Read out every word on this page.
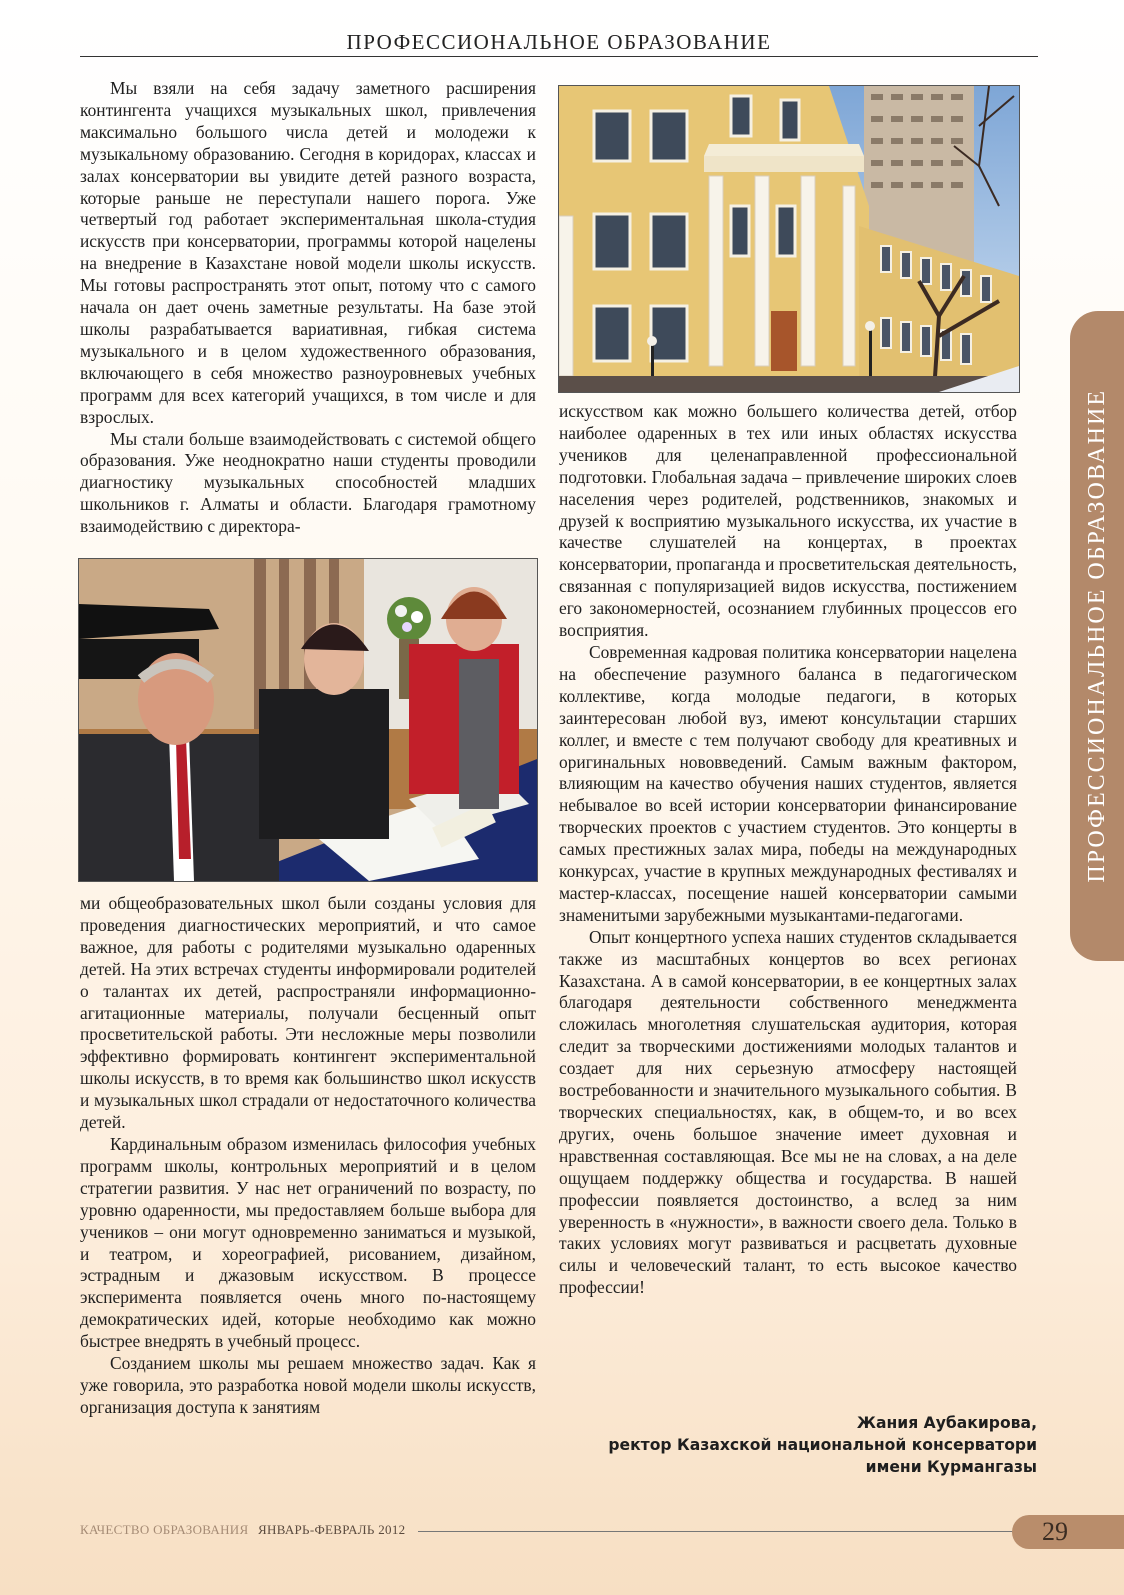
ПРОФЕССИОНАЛЬНОЕ ОБРАЗОВАНИЕ

Мы взяли на себя задачу заметного расширения контингента учащихся музыкальных школ, привлечения максимально большого числа детей и молодежи к музыкальному образованию. Сегодня в коридорах, классах и залах консерватории вы увидите детей разного возраста, которые раньше не переступали нашего порога. Уже четвертый год работает экспериментальная школа-студия искусств при консерватории, программы которой нацелены на внедрение в Казахстане новой модели школы искусств. Мы готовы распространять этот опыт, потому что с самого начала он дает очень заметные результаты. На базе этой школы разрабатывается вариативная, гибкая система музыкального и в целом художественного образования, включающего в себя множество разноуровневых учебных программ для всех категорий учащихся, в том числе и для взрослых.

Мы стали больше взаимодействовать с системой общего образования. Уже неоднократно наши студенты проводили диагностику музыкальных способностей младших школьников г. Алматы и области. Благодаря грамотному взаимодействию с директора-

ми общеобразовательных школ были созданы условия для проведения диагностических мероприятий, и что самое важное, для работы с родителями музыкально одаренных детей. На этих встречах студенты информировали родителей о талантах их детей, распространяли информационно-агитационные материалы, получали бесценный опыт просветительской работы. Эти несложные меры позволили эффективно формировать контингент экспериментальной школы искусств, в то время как большинство школ искусств и музыкальных школ страдали от недостаточного количества детей.

Кардинальным образом изменилась философия учебных программ школы, контрольных мероприятий и в целом стратегии развития. У нас нет ограничений по возрасту, по уровню одаренности, мы предоставляем больше выбора для учеников – они могут одновременно заниматься и музыкой, и театром, и хореографией, рисованием, дизайном, эстрадным и джазовым искусством. В процессе эксперимента появляется очень много по-настоящему демократических идей, которые необходимо как можно быстрее внедрять в учебный процесс.

Созданием школы мы решаем множество задач. Как я уже говорила, это разработка новой модели школы искусств, организация доступа к занятиям

искусством как можно большего количества детей, отбор наиболее одаренных в тех или иных областях искусства учеников для целенаправленной профессиональной подготовки. Глобальная задача – привлечение широких слоев населения через родителей, родственников, знакомых и друзей к восприятию музыкального искусства, их участие в качестве слушателей на концертах, в проектах консерватории, пропаганда и просветительская деятельность, связанная с популяризацией видов искусства, постижением его закономерностей, осознанием глубинных процессов его восприятия.

Современная кадровая политика консерватории нацелена на обеспечение разумного баланса в педагогическом коллективе, когда молодые педагоги, в которых заинтересован любой вуз, имеют консультации старших коллег, и вместе с тем получают свободу для креативных и оригинальных нововведений. Самым важным фактором, влияющим на качество обучения наших студентов, является небывалое во всей истории консерватории финансирование творческих проектов с участием студентов. Это концерты в самых престижных залах мира, победы на международных конкурсах, участие в крупных международных фестивалях и мастер-классах, посещение нашей консерватории самыми знаменитыми зарубежными музыкантами-педагогами.

Опыт концертного успеха наших студентов складывается также из масштабных концертов во всех регионах Казахстана. А в самой консерватории, в ее концертных залах благодаря деятельности собственного менеджмента сложилась многолетняя слушательская аудитория, которая следит за творческими достижениями молодых талантов и создает для них серьезную атмосферу настоящей востребованности и значительного музыкального события. В творческих специальностях, как, в общем-то, и во всех других, очень большое значение имеет духовная и нравственная составляющая. Все мы не на словах, а на деле ощущаем поддержку общества и государства. В нашей профессии появляется достоинство, а вслед за ним уверенность в «нужности», в важности своего дела. Только в таких условиях могут развиваться и расцветать духовные силы и человеческий талант, то есть высокое качество профессии!

Жания Аубакирова,
ректор Казахской национальной консерватори
имени Курмангазы
ПРОФЕССИОНАЛЬНОЕ ОБРАЗОВАНИЕ
КАЧЕСТВО ОБРАЗОВАНИЯ ЯНВАРЬ-ФЕВРАЛЬ 2012	29
